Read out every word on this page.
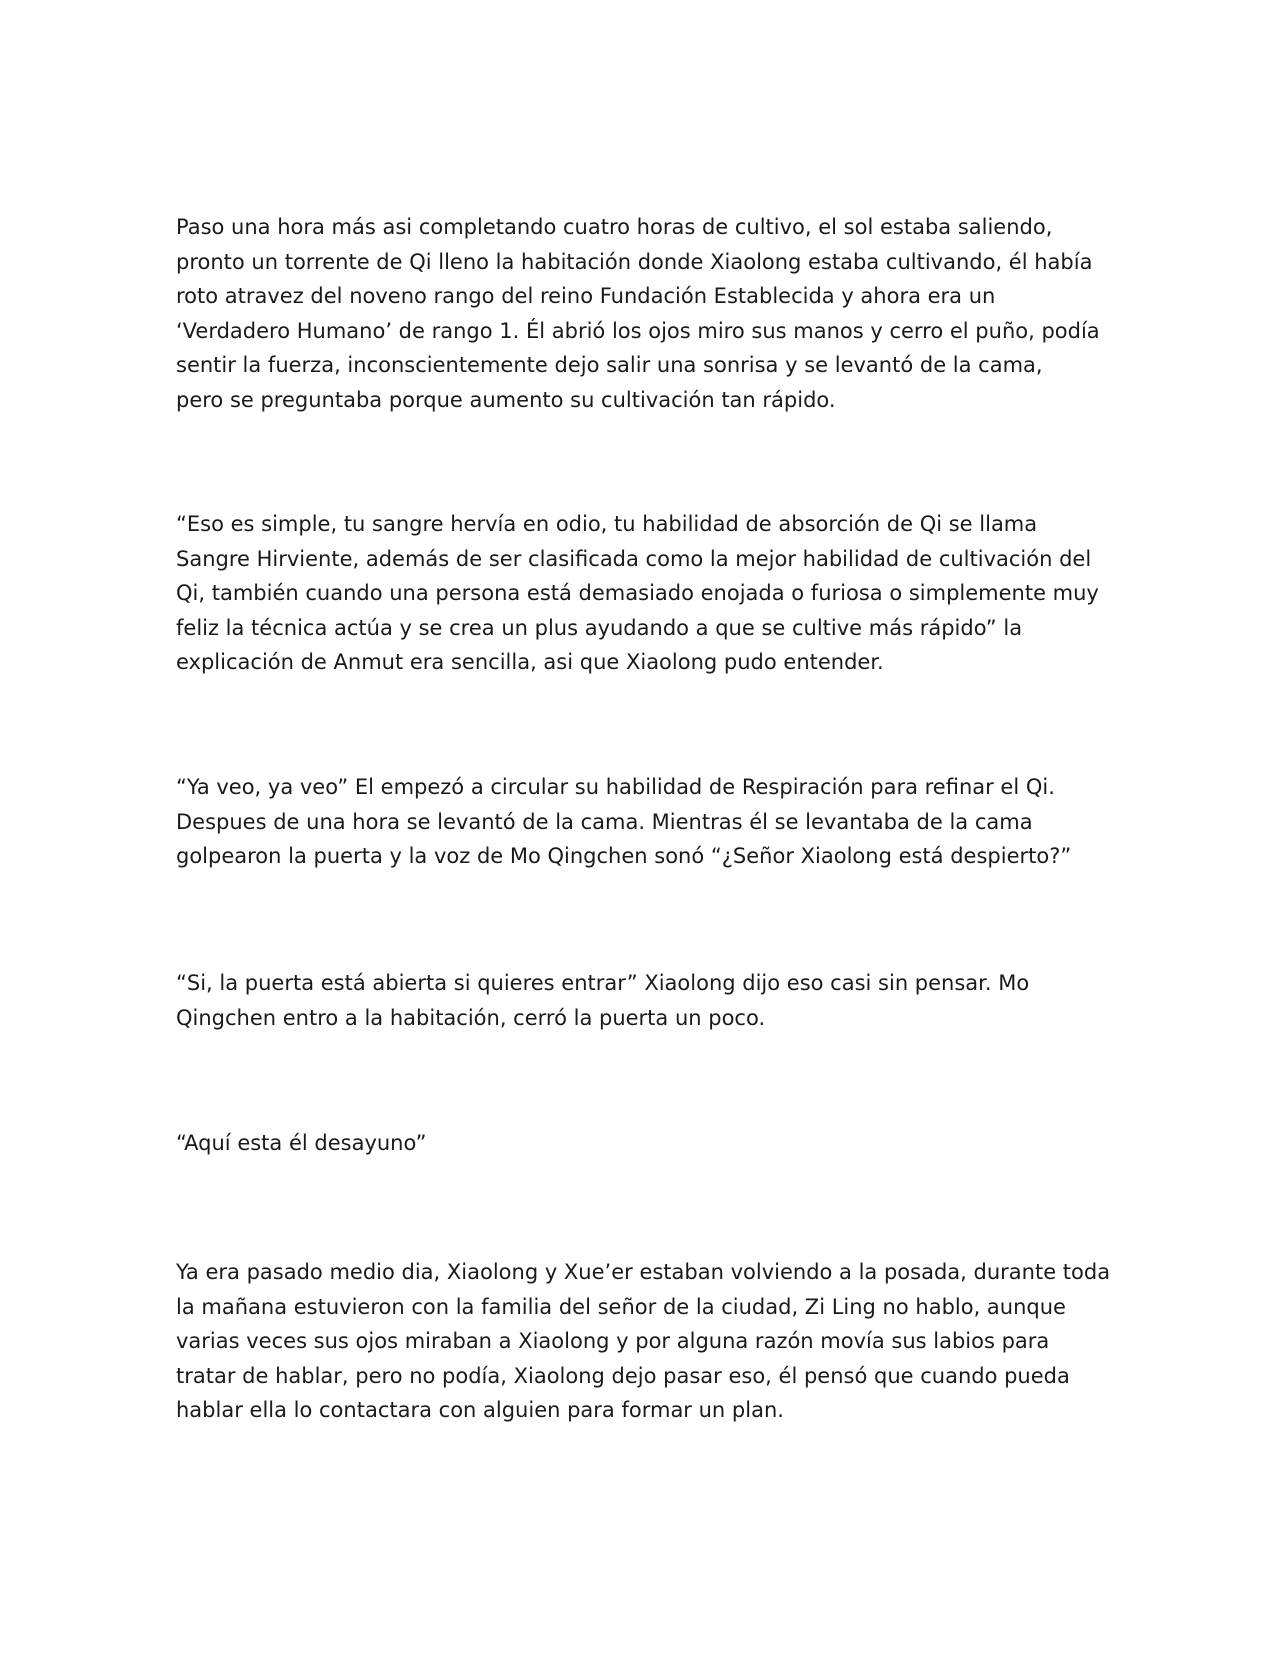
Paso una hora más asi completando cuatro horas de cultivo, el sol estaba saliendo,
pronto un torrente de Qi lleno la habitación donde Xiaolong estaba cultivando, él había
roto atravez del noveno rango del reino Fundación Establecida y ahora era un
‘Verdadero Humano’ de rango 1. Él abrió los ojos miro sus manos y cerro el puño, podía
sentir la fuerza, inconscientemente dejo salir una sonrisa y se levantó de la cama,
pero se preguntaba porque aumento su cultivación tan rápido.

“Eso es simple, tu sangre hervía en odio, tu habilidad de absorción de Qi se llama
Sangre Hirviente, además de ser clasificada como la mejor habilidad de cultivación del
Qi, también cuando una persona está demasiado enojada o furiosa o simplemente muy
feliz la técnica actúa y se crea un plus ayudando a que se cultive más rápido” la
explicación de Anmut era sencilla, asi que Xiaolong pudo entender.

“Ya veo, ya veo” El empezó a circular su habilidad de Respiración para refinar el Qi.
Despues de una hora se levantó de la cama. Mientras él se levantaba de la cama
golpearon la puerta y la voz de Mo Qingchen sonó “¿Señor Xiaolong está despierto?”

“Si, la puerta está abierta si quieres entrar” Xiaolong dijo eso casi sin pensar. Mo
Qingchen entro a la habitación, cerró la puerta un poco.

“Aquí esta él desayuno”

Ya era pasado medio dia, Xiaolong y Xue’er estaban volviendo a la posada, durante toda
la mañana estuvieron con la familia del señor de la ciudad, Zi Ling no hablo, aunque
varias veces sus ojos miraban a Xiaolong y por alguna razón movía sus labios para
tratar de hablar, pero no podía, Xiaolong dejo pasar eso, él pensó que cuando pueda
hablar ella lo contactara con alguien para formar un plan.
